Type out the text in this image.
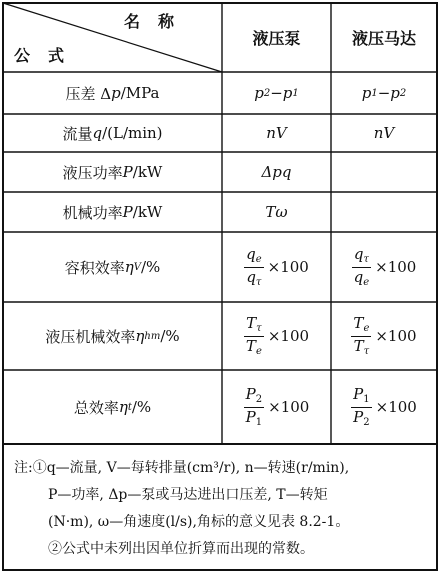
名称
公式
液压泵	液压马达
压差 Δ p /MPa	p 2 − p 1	p 1 − p 2
流量 q /(L/min)	nV	nV
液压功率 P /kW	Δpq
机械功率 P /kW	Tω
容积效率 η V /%	$\frac{q_e}{q_\tau} \times 100$	$\frac{q_\tau}{q_e} \times 100$
液压机械效率 η hm /%	$\frac{T_\tau}{T_e} \times 100$	$\frac{T_e}{T_\tau} \times 100$
总效率 η t /%	$\frac{P_2}{P_1} \times 100$	$\frac{P_1}{P_2} \times 100$

注:①q—流量, V—每转排量(cm³/r), n—转速(r/min),

P—功率, Δp—泵或马达进出口压差, T—转矩

(N·m), ω—角速度(l/s),角标的意义见表 8.2-1。

②公式中未列出因单位折算而出现的常数。
